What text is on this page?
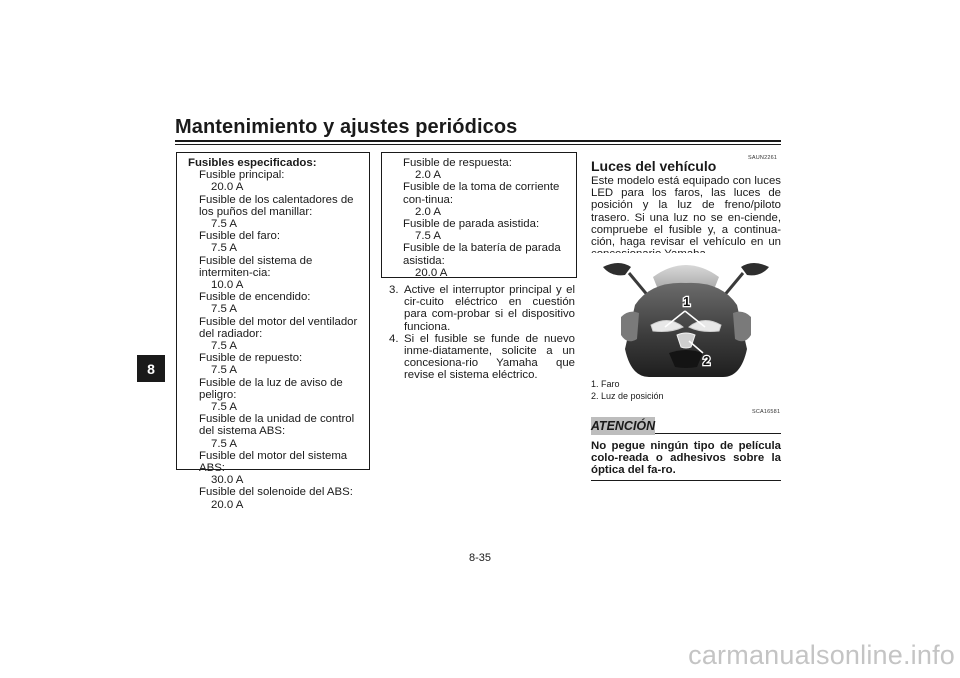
Mantenimiento y ajustes periódicos
8
Fusibles especificados:
Fusible principal:
20.0 A
Fusible de los calentadores de los puños del manillar:
7.5 A
Fusible del faro:
7.5 A
Fusible del sistema de intermiten-cia:
10.0 A
Fusible de encendido:
7.5 A
Fusible del motor del ventilador del radiador:
7.5 A
Fusible de repuesto:
7.5 A
Fusible de la luz de aviso de peligro:
7.5 A
Fusible de la unidad de control del sistema ABS:
7.5 A
Fusible del motor del sistema ABS:
30.0 A
Fusible del solenoide del ABS:
20.0 A
Fusible de respuesta:
2.0 A
Fusible de la toma de corriente con-tinua:
2.0 A
Fusible de parada asistida:
7.5 A
Fusible de la batería de parada asistida:
20.0 A
3. Active el interruptor principal y el cir-cuito eléctrico en cuestión para com-probar si el dispositivo funciona.
4. Si el fusible se funde de nuevo inme-diatamente, solicite a un concesiona-rio Yamaha que revise el sistema eléctrico.
SAUN2261
Luces del vehículo

Este modelo está equipado con luces LED para los faros, las luces de posición y la luz de freno/piloto trasero. Si una luz no se en-ciende, compruebe el fusible y, a continua-ción, haga revisar el vehículo en un

1
2
1. Faro
2. Luz de posición
SCA16581
ATENCIÓN

No pegue ningún tipo de película colo-reada o adhesivos sobre la óptica del fa-ro.

8-35
carmanualsonline.info
